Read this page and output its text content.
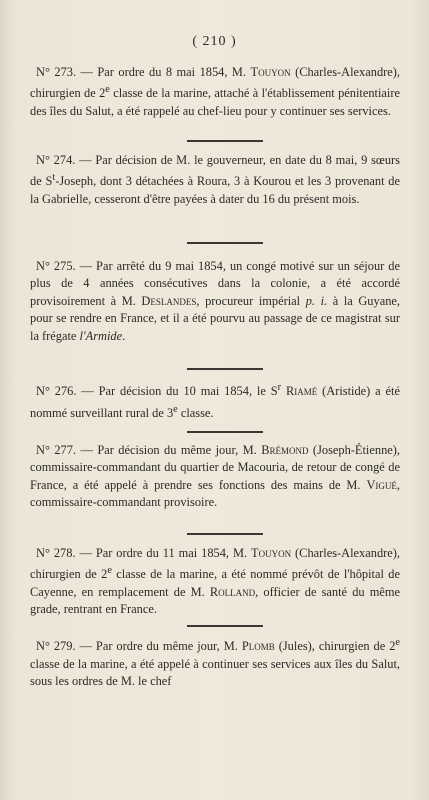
( 210 )

N° 273. — Par ordre du 8 mai 1854, M. Touyon (Charles-Alexandre), chirurgien de 2e classe de la marine, attaché à l'établissement pénitentiaire des îles du Salut, a été rappelé au chef-lieu pour y continuer ses services.

N° 274. — Par décision de M. le gouverneur, en date du 8 mai, 9 sœurs de $S^t$-Joseph, dont 3 détachées à Roura, 3 à Kourou et les 3 provenant de la Gabrielle, cesseront d'être payées à dater du 16 du présent mois.

N° 275. — Par arrêté du 9 mai 1854, un congé motivé sur un séjour de plus de 4 années consécutives dans la colonie, a été accordé provisoirement à M. Deslandes, procureur impérial p. i. à la Guyane, pour se rendre en France, et il a été pourvu au passage de ce magistrat sur la frégate l'Armide.

N° 276. — Par décision du 10 mai 1854, le $S^r$ Riamé (Aristide) a été nommé surveillant rural de 3e classe.

N° 277. — Par décision du même jour, M. Brémond (Joseph-Étienne), commissaire-commandant du quartier de Macouria, de retour de congé de France, a été appelé à prendre ses fonctions des mains de M. Vigué, commissaire-commandant provisoire.

N° 278. — Par ordre du 11 mai 1854, M. Touyon (Charles-Alexandre), chirurgien de 2e classe de la marine, a été nommé prévôt de l'hôpital de Cayenne, en remplacement de M. Rolland, officier de santé du même grade, rentrant en France.

N° 279. — Par ordre du même jour, M. Plomb (Jules), chirurgien de 2e classe de la marine, a été appelé à continuer ses services aux îles du Salut, sous les ordres de M. le chef
